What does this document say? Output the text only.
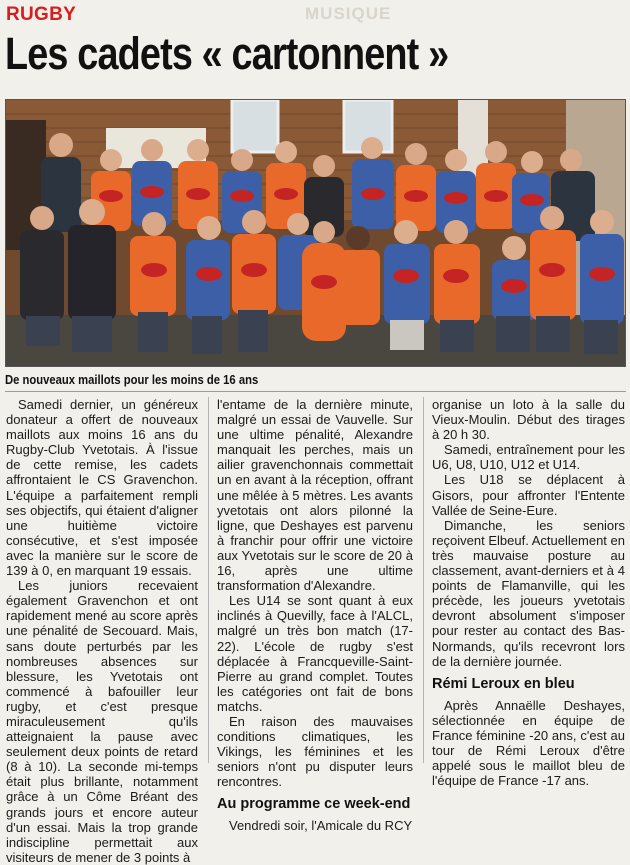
RUGBY	MUSIQUE
Les cadets « cartonnent »
De nouveaux maillots pour les moins de 16 ans

Samedi dernier, un généreux donateur a offert de nouveaux maillots aux moins 16 ans du Rugby-Club Yvetotais. À l'issue de cette remise, les cadets affrontaient le CS Gravenchon. L'équipe a parfaitement rempli ses objectifs, qui étaient d'aligner une huitième victoire consécutive, et s'est imposée avec la manière sur le score de 139 à 0, en marquant 19 essais.

Les juniors recevaient également Gravenchon et ont rapidement mené au score après une pénalité de Secouard. Mais, sans doute perturbés par les nombreuses absences sur blessure, les Yvetotais ont commencé à bafouiller leur rugby, et c'est presque miraculeusement qu'ils atteignaient la pause avec seulement deux points de retard (8 à 10). La seconde mi-temps était plus brillante, notamment grâce à un Côme Bréant des grands jours et encore auteur d'un essai. Mais la trop grande indiscipline permettait aux visiteurs de mener de 3 points à

l'entame de la dernière minute, malgré un essai de Vauvelle. Sur une ultime pénalité, Alexandre manquait les perches, mais un ailier gravenchonnais commettait un en avant à la réception, offrant une mêlée à 5 mètres. Les avants yvetotais ont alors pilonné la ligne, que Deshayes est parvenu à franchir pour offrir une victoire aux Yvetotais sur le score de 20 à 16, après une ultime transformation d'Alexandre.

Les U14 se sont quant à eux inclinés à Quevilly, face à l'ALCL, malgré un très bon match (17-22). L'école de rugby s'est déplacée à Francqueville-Saint-Pierre au grand complet. Toutes les catégories ont fait de bons matchs.

En raison des mauvaises conditions climatiques, les Vikings, les féminines et les seniors n'ont pu disputer leurs rencontres.

Au programme ce week-end

Vendredi soir, l'Amicale du RCY

organise un loto à la salle du Vieux-Moulin. Début des tirages à 20 h 30.

Samedi, entraînement pour les U6, U8, U10, U12 et U14.

Les U18 se déplacent à Gisors, pour affronter l'Entente Vallée de Seine-Eure.

Dimanche, les seniors reçoivent Elbeuf. Actuellement en très mauvaise posture au classement, avant-derniers et à 4 points de Flamanville, qui les précède, les joueurs yvetotais devront absolument s'imposer pour rester au contact des Bas-Normands, qu'ils recevront lors de la dernière journée.

Rémi Leroux en bleu

Après Annaëlle Deshayes, sélectionnée en équipe de France féminine -20 ans, c'est au tour de Rémi Leroux d'être appelé sous le maillot bleu de l'équipe de France -17 ans.
